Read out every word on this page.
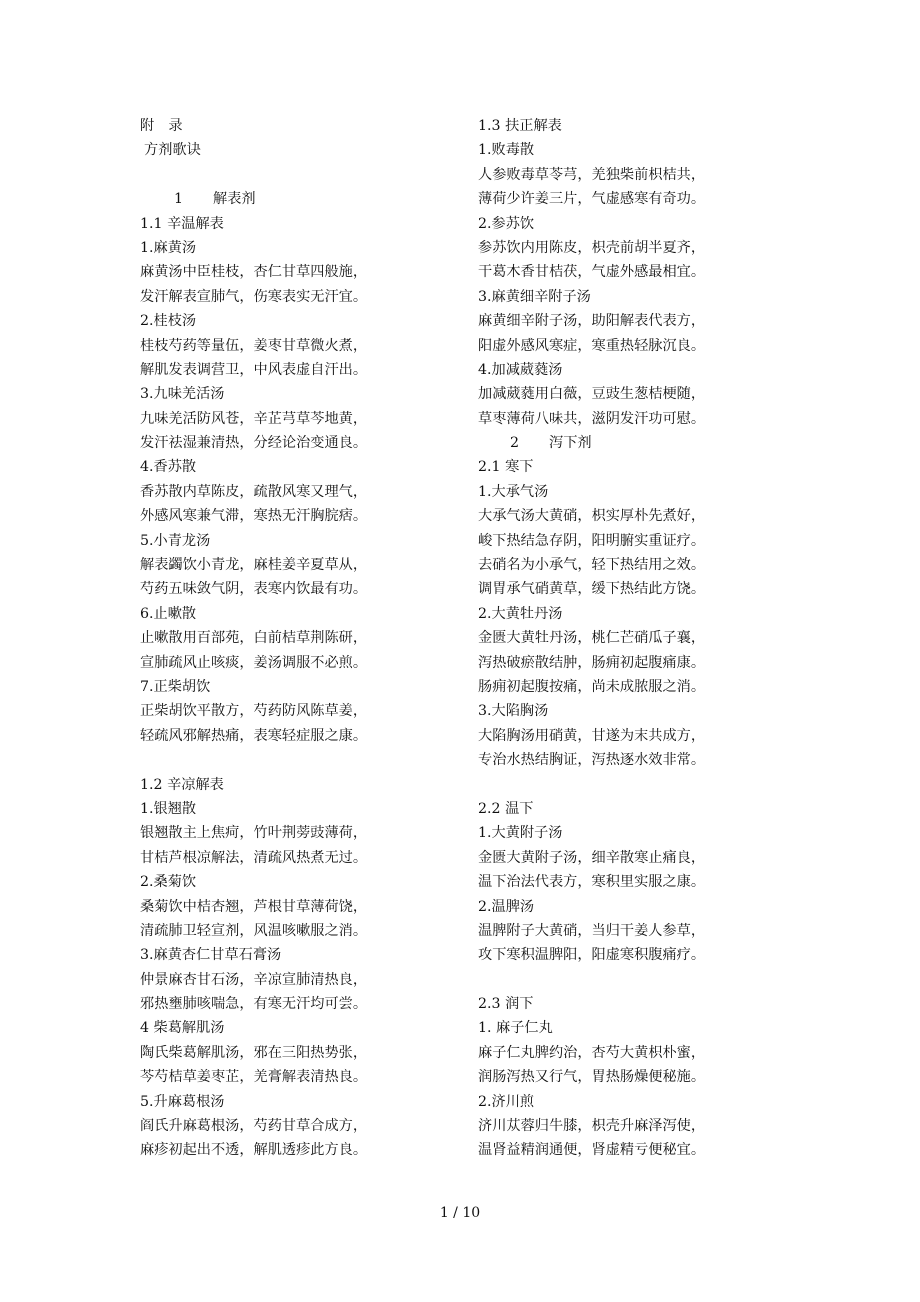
附　录
方剂歌诀
1 解表剂
1.1 辛温解表
1.麻黄汤
麻黄汤中臣桂枝，杏仁甘草四般施，
发汗解表宣肺气，伤寒表实无汗宜。
2.桂枝汤
桂枝芍药等量伍，姜枣甘草微火煮，
解肌发表调营卫，中风表虚自汗出。
3.九味羌活汤
九味羌活防风苍，辛芷芎草芩地黄，
发汗祛湿兼清热，分经论治变通良。
4.香苏散
香苏散内草陈皮，疏散风寒又理气，
外感风寒兼气滞，寒热无汗胸脘痞。
5.小青龙汤
解表蠲饮小青龙，麻桂姜辛夏草从，
芍药五味敛气阴，表寒内饮最有功。
6.止嗽散
止嗽散用百部苑，白前桔草荆陈研，
宣肺疏风止咳痰，姜汤调服不必煎。
7.正柴胡饮
正柴胡饮平散方，芍药防风陈草姜，
轻疏风邪解热痛，表寒轻症服之康。
1.2 辛凉解表
1.银翘散
银翘散主上焦疴，竹叶荆蒡豉薄荷，
甘桔芦根凉解法，清疏风热煮无过。
2.桑菊饮
桑菊饮中桔杏翘，芦根甘草薄荷饶，
清疏肺卫轻宣剂，风温咳嗽服之消。
3.麻黄杏仁甘草石膏汤
仲景麻杏甘石汤，辛凉宣肺清热良，
邪热壅肺咳喘急，有寒无汗均可尝。
4 柴葛解肌汤
陶氏柴葛解肌汤，邪在三阳热势张，
芩芍桔草姜枣芷，羌膏解表清热良。
5.升麻葛根汤
阎氏升麻葛根汤，芍药甘草合成方，
麻疹初起出不透，解肌透疹此方良。
1.3 扶正解表
1.败毒散
人参败毒草苓芎，羌独柴前枳桔共，
薄荷少许姜三片，气虚感寒有奇功。
2.参苏饮
参苏饮内用陈皮，枳壳前胡半夏齐，
干葛木香甘桔茯，气虚外感最相宜。
3.麻黄细辛附子汤
麻黄细辛附子汤，助阳解表代表方，
阳虚外感风寒症，寒重热轻脉沉良。
4.加减葳蕤汤
加减葳蕤用白薇，豆豉生葱桔梗随，
草枣薄荷八味共，滋阴发汗功可慰。
2 泻下剂
2.1 寒下
1.大承气汤
大承气汤大黄硝，枳实厚朴先煮好，
峻下热结急存阴，阳明腑实重证疗。
去硝名为小承气，轻下热结用之效。
调胃承气硝黄草，缓下热结此方饶。
2.大黄牡丹汤
金匮大黄牡丹汤，桃仁芒硝瓜子襄，
泻热破瘀散结肿，肠痈初起腹痛康。
肠痈初起腹按痛，尚未成脓服之消。
3.大陷胸汤
大陷胸汤用硝黄，甘遂为末共成方，
专治水热结胸证，泻热逐水效非常。
2.2 温下
1.大黄附子汤
金匮大黄附子汤，细辛散寒止痛良，
温下治法代表方，寒积里实服之康。
2.温脾汤
温脾附子大黄硝，当归干姜人参草，
攻下寒积温脾阳，阳虚寒积腹痛疗。
2.3 润下
1. 麻子仁丸
麻子仁丸脾约治，杏芍大黄枳朴蜜，
润肠泻热又行气，胃热肠燥便秘施。
2.济川煎
济川苁蓉归牛膝，枳壳升麻泽泻使，
温肾益精润通便，肾虚精亏便秘宜。
1 / 10
